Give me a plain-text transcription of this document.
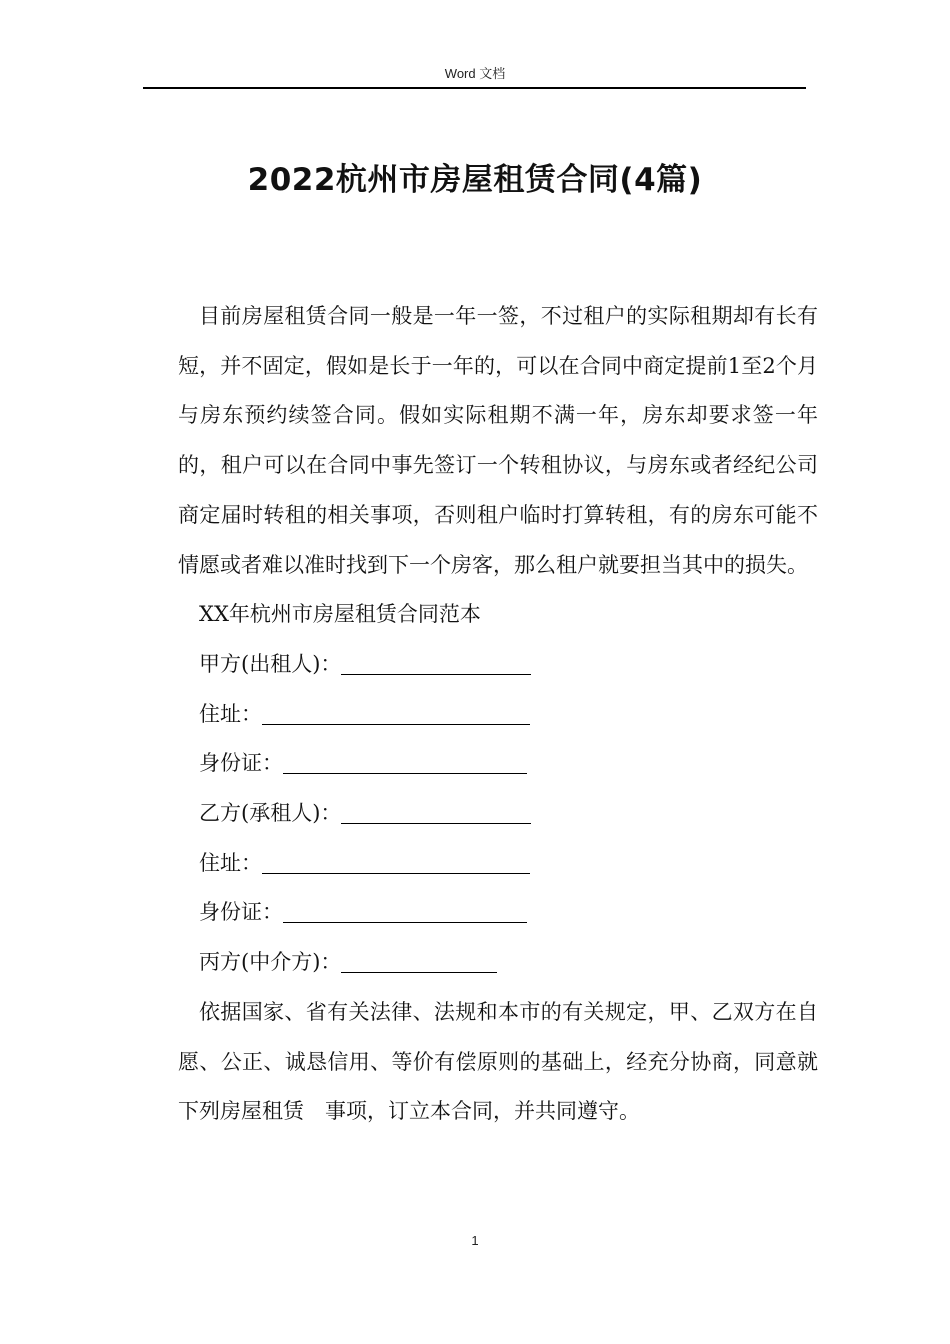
Word 文档
2022杭州市房屋租赁合同(4篇)

目前房屋租赁合同一般是一年一签，不过租户的实际租期却有长有短，并不固定，假如是长于一年的，可以在合同中商定提前1至2个月与房东预约续签合同。假如实际租期不满一年，房东却要求签一年的，租户可以在合同中事先签订一个转租协议，与房东或者经纪公司商定届时转租的相关事项，否则租户临时打算转租，有的房东可能不情愿或者难以准时找到下一个房客，那么租户就要担当其中的损失。

XX年杭州市房屋租赁合同范本

甲方(出租人)：

住址：

身份证：

乙方(承租人)：

住址：

身份证：

丙方(中介方)：

依据国家、省有关法律、法规和本市的有关规定，甲、乙双方在自愿、公正、诚恳信用、等价有偿原则的基础上，经充分协商，同意就下列房屋租赁　事项，订立本合同，并共同遵守。

1
